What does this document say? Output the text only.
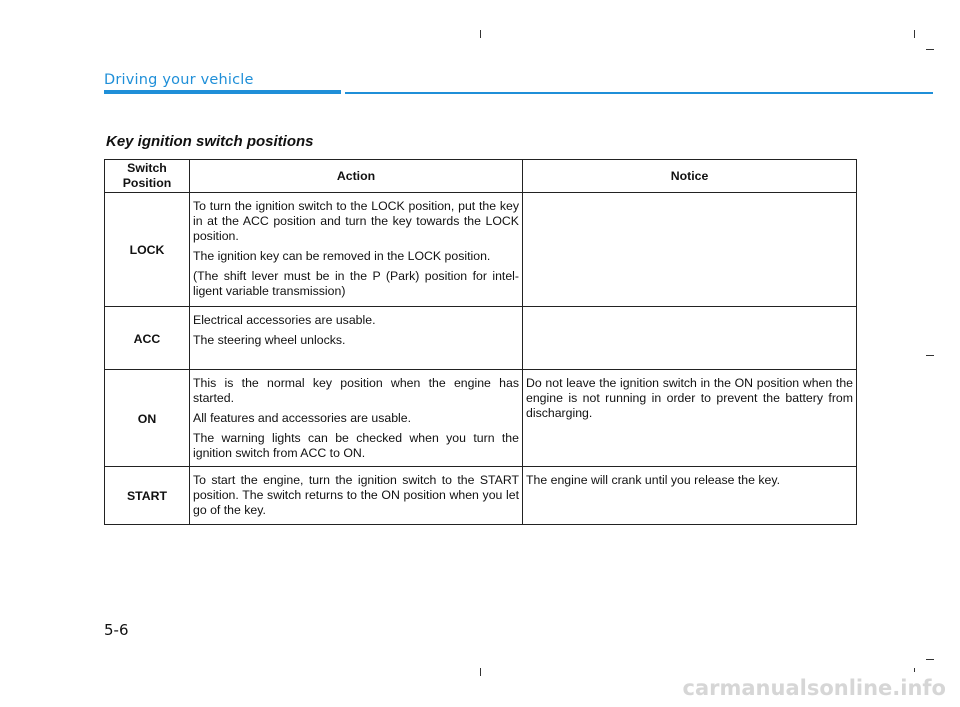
Driving your vehicle
Key ignition switch positions
Switch Position	Action	Notice
LOCK	To turn the ignition switch to the LOCK position, put the key in at the ACC position and turn the key towards the LOCK position.

The ignition key can be removed in the LOCK position.

(The shift lever must be in the P (Park) position for intel-ligent variable transmission)	

ACC	Electrical accessories are usable.

The steering wheel unlocks.	

ON	This is the normal key position when the engine has started.

All features and accessories are usable.

The warning lights can be checked when you turn the ignition switch from ACC to ON.	Do not leave the ignition switch in the ON position when the engine is not running in order to prevent the battery from discharging.

START	To start the engine, turn the ignition switch to the START position. The switch returns to the ON position when you let go of the key.	The engine will crank until you release the key.

5-6
carmanualsonline.info
